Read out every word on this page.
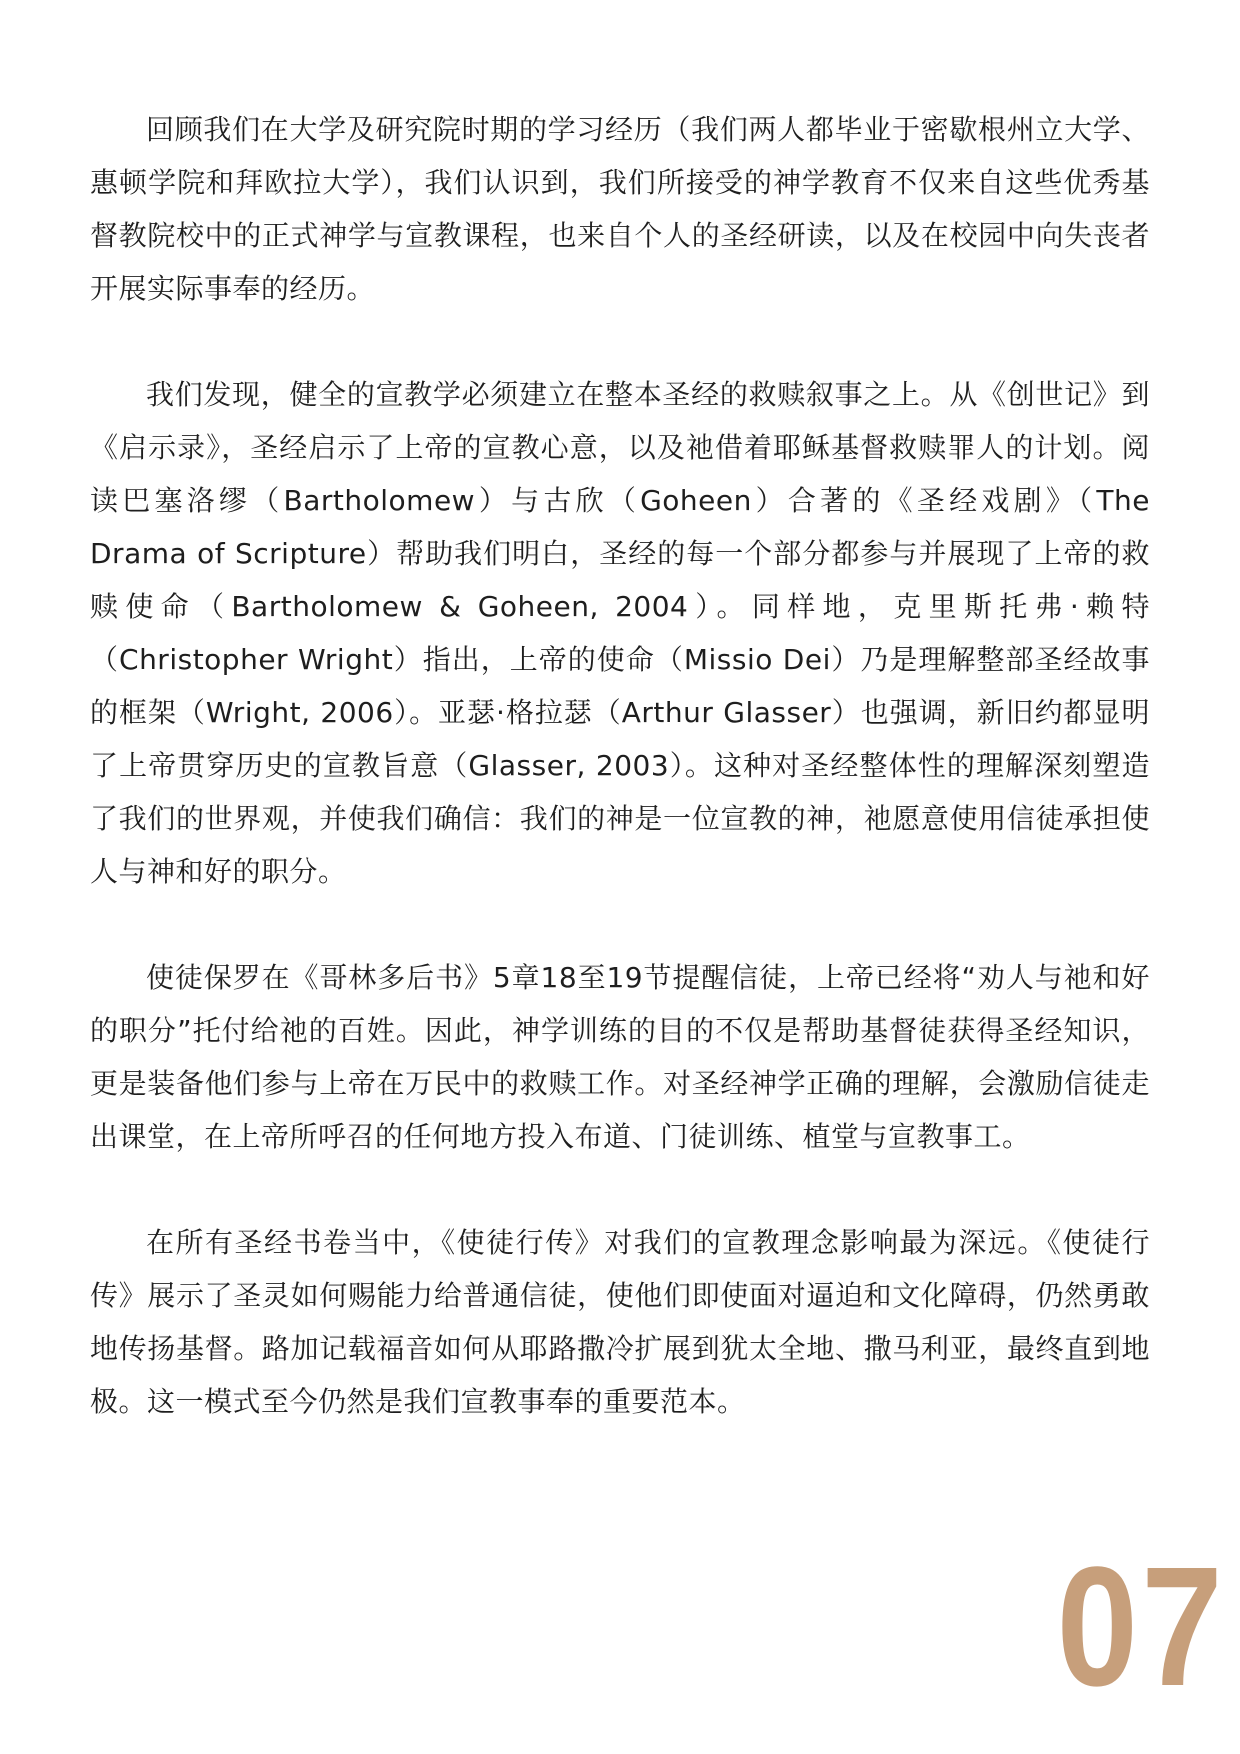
回顾我们在大学及研究院时期的学习经历（我们两人都毕业于密歇根州立大学、惠顿学院和拜欧拉大学），我们认识到，我们所接受的神学教育不仅来自这些优秀基督教院校中的正式神学与宣教课程，也来自个人的圣经研读，以及在校园中向失丧者开展实际事奉的经历。

我们发现，健全的宣教学必须建立在整本圣经的救赎叙事之上。从《创世记》到《启示录》，圣经启示了上帝的宣教心意，以及祂借着耶稣基督救赎罪人的计划。阅读巴塞洛缪（Bartholomew）与古欣（Goheen）合著的《圣经戏剧》（The Drama of Scripture）帮助我们明白，圣经的每一个部分都参与并展现了上帝的救赎使命（Bartholomew & Goheen, 2004）。同样地，克里斯托弗·赖特（Christopher Wright）指出，上帝的使命（Missio Dei）乃是理解整部圣经故事的框架（Wright, 2006）。亚瑟·格拉瑟（Arthur Glasser）也强调，新旧约都显明了上帝贯穿历史的宣教旨意（Glasser, 2003）。这种对圣经整体性的理解深刻塑造了我们的世界观，并使我们确信：我们的神是一位宣教的神，祂愿意使用信徒承担使人与神和好的职分。

使徒保罗在《哥林多后书》5章18至19节提醒信徒，上帝已经将“劝人与祂和好的职分”托付给祂的百姓。因此，神学训练的目的不仅是帮助基督徒获得圣经知识，更是装备他们参与上帝在万民中的救赎工作。对圣经神学正确的理解，会激励信徒走出课堂，在上帝所呼召的任何地方投入布道、门徒训练、植堂与宣教事工。

在所有圣经书卷当中，《使徒行传》对我们的宣教理念影响最为深远。《使徒行传》展示了圣灵如何赐能力给普通信徒，使他们即使面对逼迫和文化障碍，仍然勇敢地传扬基督。路加记载福音如何从耶路撒冷扩展到犹太全地、撒马利亚，最终直到地极。这一模式至今仍然是我们宣教事奉的重要范本。

07
